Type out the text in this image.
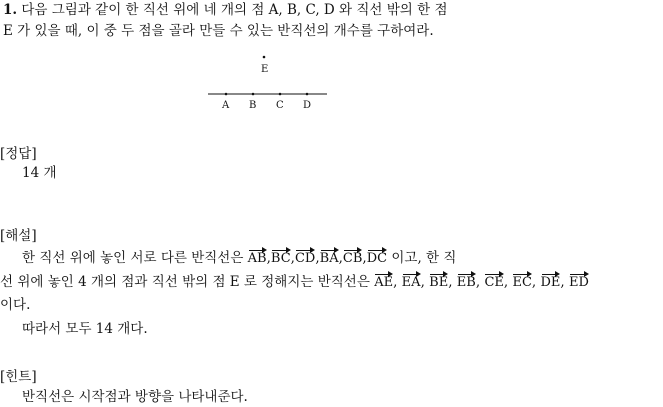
1. 다음 그림과 같이 한 직선 위에 네 개의 점 A, B, C, D 와 직선 밖의 한 점
E 가 있을 때, 이 중 두 점을 골라 만들 수 있는 반직선의 개수를 구하여라.
E
A B C D
[정답]
14 개
[해설]
한 직선 위에 놓인 서로 다른 반직선은 AB,BC,CD,BA,CB,DC 이고, 한 직
선 위에 놓인 4 개의 점과 직선 밖의 점 E 로 정해지는 반직선은 AE, EA, BE, EB, CE, EC, DE, ED
이다.
따라서 모두 14 개다.
[힌트]
반직선은 시작점과 방향을 나타내준다.
